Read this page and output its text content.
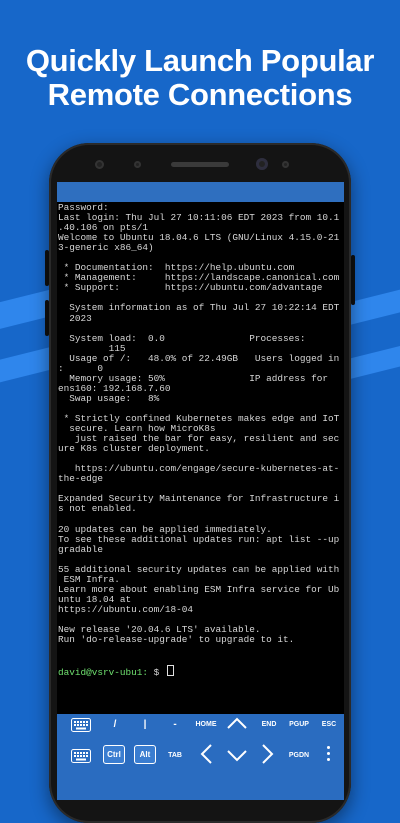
Quickly Launch Popular
Remote Connections
Password:
Last login: Thu Jul 27 10:11:06 EDT 2023 from 10.1
.40.106 on pts/1
Welcome to Ubuntu 18.04.6 LTS (GNU/Linux 4.15.0-21
3-generic x86_64)

* Documentation:  https://help.ubuntu.com
* Management:     https://landscape.canonical.com
* Support:        https://ubuntu.com/advantage

System information as of Thu Jul 27 10:22:14 EDT
2023

System load:  0.0               Processes:
115
Usage of /:   48.0% of 22.49GB   Users logged in
:      0
Memory usage: 50%               IP address for
ens160: 192.168.7.60
Swap usage:   8%

* Strictly confined Kubernetes makes edge and IoT
secure. Learn how MicroK8s
just raised the bar for easy, resilient and sec
ure K8s cluster deployment.

https://ubuntu.com/engage/secure-kubernetes-at-
the-edge

Expanded Security Maintenance for Infrastructure i
s not enabled.

20 updates can be applied immediately.
To see these additional updates run: apt list --up
gradable

55 additional security updates can be applied with
ESM Infra.
Learn more about enabling ESM Infra service for Ub
untu 18.04 at
https://ubuntu.com/18-04

New release '20.04.6 LTS' available.
Run 'do-release-upgrade' to upgrade to it.

david@vsrv-ubu1: $
/	|	-	HOME	END	PGUP	ESC
Ctrl	Alt	TAB	PGDN
